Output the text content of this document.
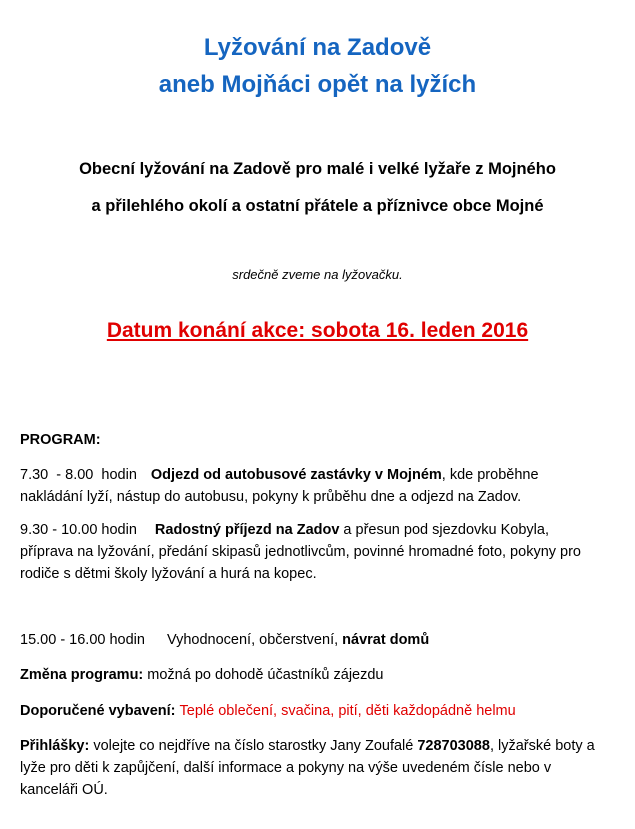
Lyžování na Zadově
aneb Mojňáci opět na lyžích
Obecní lyžování na Zadově pro malé i velké lyžaře z Mojného
a přilehlého okolí a ostatní přátele a příznivce obce Mojné
srdečně zveme na lyžovačku.
Datum konání akce: sobota 16. leden 2016
PROGRAM:
7.30  - 8.00  hodin Odjezd od autobusové zastávky v Mojném, kde proběhne nakládání lyží, nástup do autobusu, pokyny k průběhu dne a odjezd na Zadov.
9.30 - 10.00 hodin Radostný příjezd na Zadov a přesun pod sjezdovku Kobyla, příprava na lyžování, předání skipasů jednotlivcům, povinné hromadné foto, pokyny pro rodiče s dětmi školy lyžování a hurá na kopec.
15.00 - 16.00 hodin Vyhodnocení, občerstvení, návrat domů
Změna programu: možná po dohodě účastníků zájezdu
Doporučené vybavení: Teplé oblečení, svačina, pití, děti každopádně helmu
Přihlášky: volejte co nejdříve na číslo starostky Jany Zoufalé 728703088, lyžařské boty a lyže pro děti k zapůjčení, další informace a pokyny na výše uvedeném čísle nebo v kanceláři OÚ.
